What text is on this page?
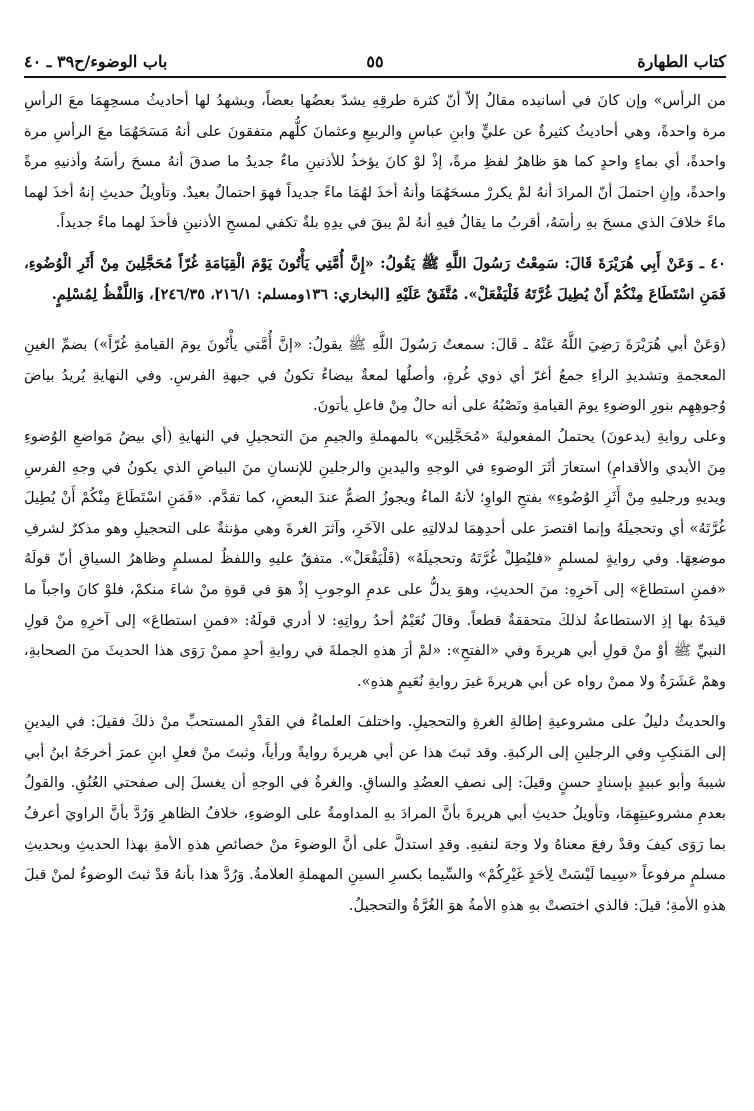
كتاب الطهارة
٥٥
باب الوضوء/ح٣٩ ـ ٤٠

من الرأس» وإن كانَ في أسانيده مقالٌ إلاّ أنّ كثرة طرقِهِ يشدّ بعضُها بعضاً، ويشهدُ لها أحاديثُ مسحِهِمَا معَ الرأسِ مرة واحدةً، وهي أحاديثُ كثيرةٌ عن عليٍّ وابنِ عباسٍ والربيعِ وعثمانَ كلُّهم متفقونَ على أنهُ مَسَحَهُمَا معَ الرأسِ مرة واحدةً، أي بماءٍ واحدٍ كما هوَ ظاهرُ لفظِ مرةً، إذْ لوْ كانَ يؤخذُ للأذنينِ ماءٌ جديدٌ ما صدقَ أنهُ مسحَ رأسَهُ وأذنيهِ مرةً واحدةً، وإنِ احتملَ أنّ المرادَ أنهُ لمْ يكررْ مسحَهُمَا وأنهُ أخذَ لهُمَا ماءً جديداً فهوَ احتمالٌ بعيدٌ. وتأويلُ حديثِ إنهُ أخذَ لهما ماءً خلافَ الذي مسحَ بهِ رأسَهُ، أقربُ ما يقالُ فيهِ أنهُ لمْ يبقَ في يدِهِ بلةٌ تكفي لمسحِ الأذنينِ فأخذَ لهما ماءً جديداً.

٤٠ ـ وَعَنْ أَبِي هُرَيْرَةَ قَالَ: سَمِعْتُ رَسُولَ اللَّهِ ﷺ يَقُولُ: «إِنَّ أُمَّتِي يَأْتُونَ يَوْمَ الْقِيَامَةِ غُرّاً مُحَجَّلِينَ مِنْ أَثَرِ الْوُضُوءِ، فَمَنِ اسْتَطَاعَ مِنْكُمْ أَنْ يُطِيلَ غُرَّتَهُ فَلْيَفْعَلْ». مُتَّفَقٌ عَلَيْهِ [البخاري: ١٣٦ومسلم: ٢١٦/١، ٢٤٦/٣٥]، وَاللَّفْظُ لِمُسْلِمٍ.

(وَعَنْ أبي هُرَيْرَةَ رَضِيَ اللَّهُ عَنْهُ ـ قَالَ: سمعتُ رَسُولَ اللَّهِ ﷺ يقولُ: «إنَّ أُمَّتي يأْتُونَ يومَ القيامةِ غُرّاً») بضمِّ الغينِ المعجمةِ وتشديدِ الراءِ جمعُ أغرّ أي ذوي غُرةٍ، وأصلُها لمعةٌ بيضاءُ تكونُ في جبهةِ الفرسِ. وفي النهايةِ يُريدُ بياضَ وُجوهِهِم بنورِ الوضوءِ يومَ القيامةِ ونَصْبُهُ على أنه حالٌ مِنْ فاعلِ يأتونَ.

وعلى روايةِ (يدعونَ) يحتملُ المفعوليةَ «مُحَجَّلِين» بالمهملةِ والجيمِ منَ التحجيلِ في النهايةِ (أي بيضُ مَواضعِ الوُضوءِ مِنَ الأيدي والأقدامِ) استعارَ أثَرَ الوضوءِ في الوجهِ واليدينِ والرجلينِ للإنسانِ منَ البياضِ الذي يكونُ في وجهِ الفرسِ ويديهِ ورجليهِ مِنْ أَثَرِ الوُضُوءِ» بفتحِ الواوِ؛ لأنهُ الماءُ ويجوزُ الضمُّ عندَ البعضِ، كما تقدَّم. «فَمَنِ اسْتَطَاعَ مِنْكُمْ أَنْ يُطِيلَ غُرَّتَهُ» أي وتحجيلَهُ وإنما اقتصرَ على أحدِهِمَا لدلالتِهِ على الآخَرِ، وآثرَ الغرةَ وهي مؤنثةٌ على التحجيلِ وهو مذكرٌ لشرفِ موضعِهَا. وفي روايةٍ لمسلمٍ «فليُطِلْ غُرَّتَهُ وتحجيلَهُ» (فَلْيَفْعَلْ». متفقٌ عليهِ واللفظُ لمسلمٍ وظاهرُ السياقِ أنّ قولَهُ «فمنِ استطاعَ» إلى آخرِهِ: منَ الحديثِ، وهوَ يدلُّ على عدمِ الوجوبِ إذْ هوَ في قوةِ منْ شاءَ منكمْ، فلوْ كانَ واجباً ما قيدَهُ بها إذِ الاستطاعةُ لذلكَ متحققةٌ قطعاً. وقالَ نُعَيْمٌ أحدُ رواتِهِ: لا أدري قولَهُ: «فمنِ استطاعَ» إلى آخرِهِ منْ قولِ النبيِّ ﷺ أوْ منْ قولِ أبي هريرةَ وفي «الفتحِ»: «لمْ أرَ هذهِ الجملةَ في روايةِ أحدٍ ممنْ رَوَى هذا الحديثَ منَ الصحابةِ، وهمْ عَشَرَةٌ ولا ممنْ رواه عن أبي هريرةَ غيرَ روايةِ نُعَيمٍ هذهِ».

والحديثُ دليلٌ على مشروعيةِ إطالةِ الغرةِ والتحجيلِ. واختلفَ العلماءُ في القدْرِ المستحبِّ منْ ذلكَ فقيلَ: في اليدينِ إلى المَنكِبِ وفي الرجلينِ إلى الركبةِ. وقد ثبتَ هذا عن أبي هريرةَ روايةً ورأياً، وثبتَ منْ فعلِ ابنِ عمرَ أخرجَهُ ابنُ أبي شيبةَ وأبو عبيدٍ بإسنادٍ حسنٍ وقيلَ: إلى نصفِ العضُدِ والساقِ. والغرةُ في الوجهِ أن يغسلَ إلى صفحتي العُنُقِ. والقولُ بعدمِ مشروعيتِهِمَا، وتأويلُ حديثِ أبي هريرةَ بأنَّ المرادَ بهِ المداومةُ على الوضوءِ، خلافُ الظاهرِ وَرُدَّ بأنَّ الراويَ أعرفُ بما رَوَى كيفَ وقدْ رفعَ معناهُ ولا وجهَ لنفيهِ. وقدِ استدلَّ على أنَّ الوضوءَ منْ خصائصِ هذهِ الأمةِ بهذا الحديثِ وبحديثِ مسلمٍ مرفوعاً «سِيما لَيْسَتْ لِأحَدٍ غَيْرِكُمْ» والسِّيما بكسرِ السينِ المهملةِ العلامةُ. وَرُدَّ هذا بأنهُ قدْ ثبتَ الوضوءُ لمنْ قبلَ هذهِ الأمةِ؛ قيلَ: فالذي اختصتْ بهِ هذهِ الأمةُ هوَ الغُرَّةُ والتحجيلُ.
